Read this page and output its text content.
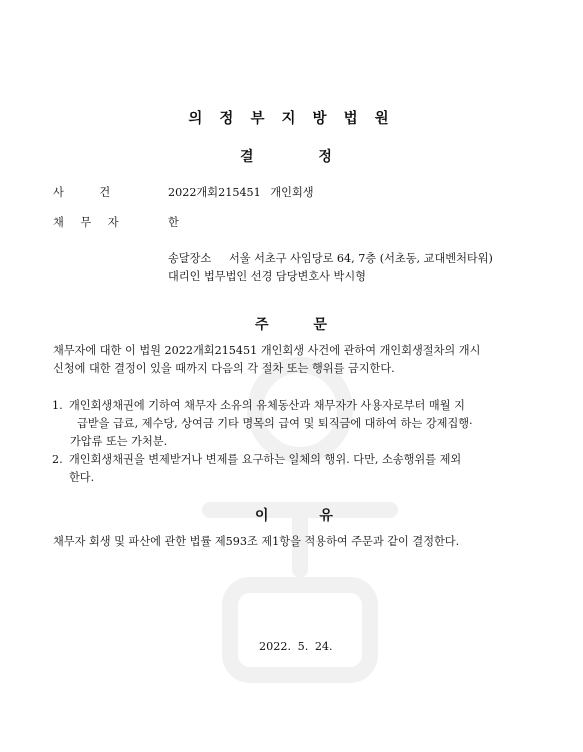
의 정 부 지 방 법 원
결 정
사 건	2022개회215451 개인회생
채 무 자	한
송달장소 서울 서초구 사임당로 64, 7층 (서초동, 교대벤처타워)
대리인 법무법인 선경 담당변호사 박시형
주 문
채무자에 대한 이 법원 2022개회215451 개인회생 사건에 관하여 개인회생절차의 개시
신청에 대한 결정이 있을 때까지 다음의 각 절차 또는 행위를 금지한다.
1. 개인회생채권에 기하여 채무자 소유의 유체동산과 채무자가 사용자로부터 매월 지
급받을 급료, 제수당, 상여금 기타 명목의 급여 및 퇴직금에 대하여 하는 강제집행·
가압류 또는 가처분.
2. 개인회생채권을 변제받거나 변제를 요구하는 일체의 행위. 다만, 소송행위를 제외
한다.
이 유
채무자 회생 및 파산에 관한 법률 제593조 제1항을 적용하여 주문과 같이 결정한다.
2022. 5. 24.
